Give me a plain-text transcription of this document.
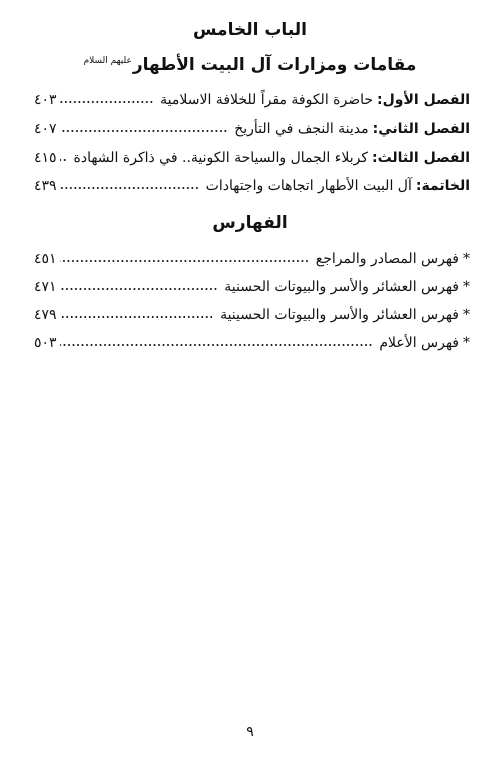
الباب الخامس
مقامات ومزارات آل البيت الأطهار$^{عليهم السلام}$
الفصل الأول:
حاضرة الكوفة مقراً للخلافة الاسلامية
٤٠٣
الفصل الثاني:
مدينة النجف في التأريخ
٤٠٧
الفصل الثالث:
كربلاء الجمال والسياحة الكونية.. في ذاكرة الشهادة
٤١٥
الخاتمة:
آل البيت الأطهار اتجاهات واجتهادات
٤٣٩
الفهارس
*
فهرس المصادر والمراجع
٤٥١
*
فهرس العشائر والأسر والبيوتات الحسنية
٤٧١
*
فهرس العشائر والأسر والبيوتات الحسينية
٤٧٩
*
فهرس الأعلام
٥٠٣
٩
